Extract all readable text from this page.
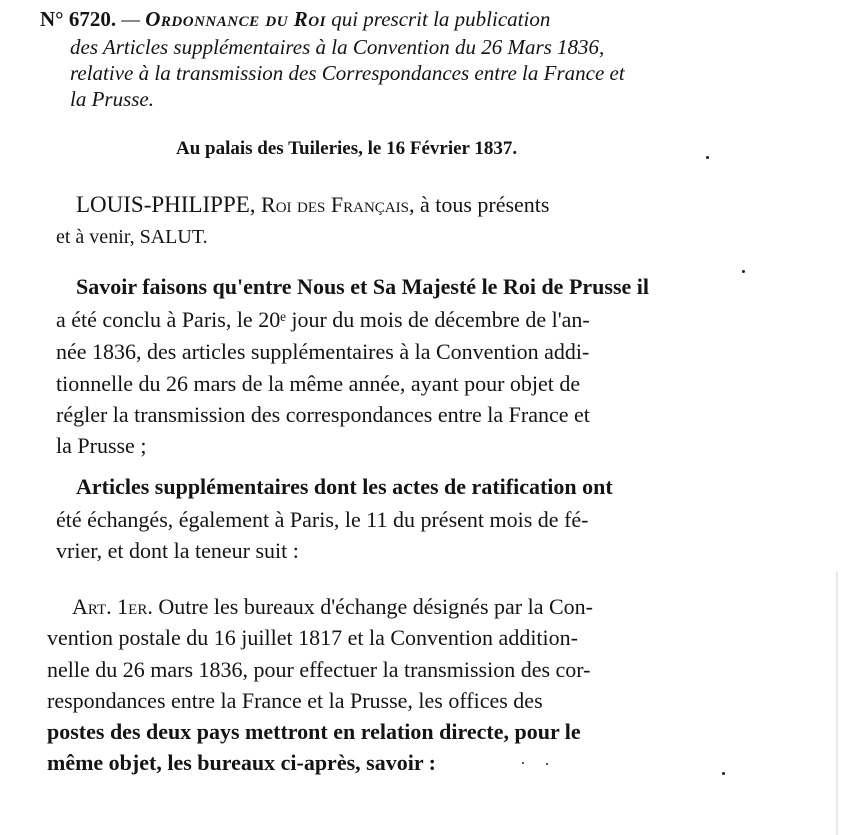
N° 6720. — Ordonnance du Roi qui prescrit la publication
des Articles supplémentaires à la Convention du 26 Mars 1836,
relative à la transmission des Correspondances entre la France et
la Prusse.
Au palais des Tuileries, le 16 Février 1837.
LOUIS-PHILIPPE, Roi des Français, à tous présents
et à venir, SALUT.
Savoir faisons qu'entre Nous et Sa Majesté le Roi de Prusse il
a été conclu à Paris, le 20ᵉ jour du mois de décembre de l'an-
née 1836, des articles supplémentaires à la Convention addi-
tionnelle du 26 mars de la même année, ayant pour objet de
régler la transmission des correspondances entre la France et
la Prusse ;
Articles supplémentaires dont les actes de ratification ont
été échangés, également à Paris, le 11 du présent mois de fé-
vrier, et dont la teneur suit :
Art. 1er. Outre les bureaux d'échange désignés par la Con-
vention postale du 16 juillet 1817 et la Convention addition-
nelle du 26 mars 1836, pour effectuer la transmission des cor-
respondances entre la France et la Prusse, les offices des
postes des deux pays mettront en relation directe, pour le
même objet, les bureaux ci-après, savoir :
